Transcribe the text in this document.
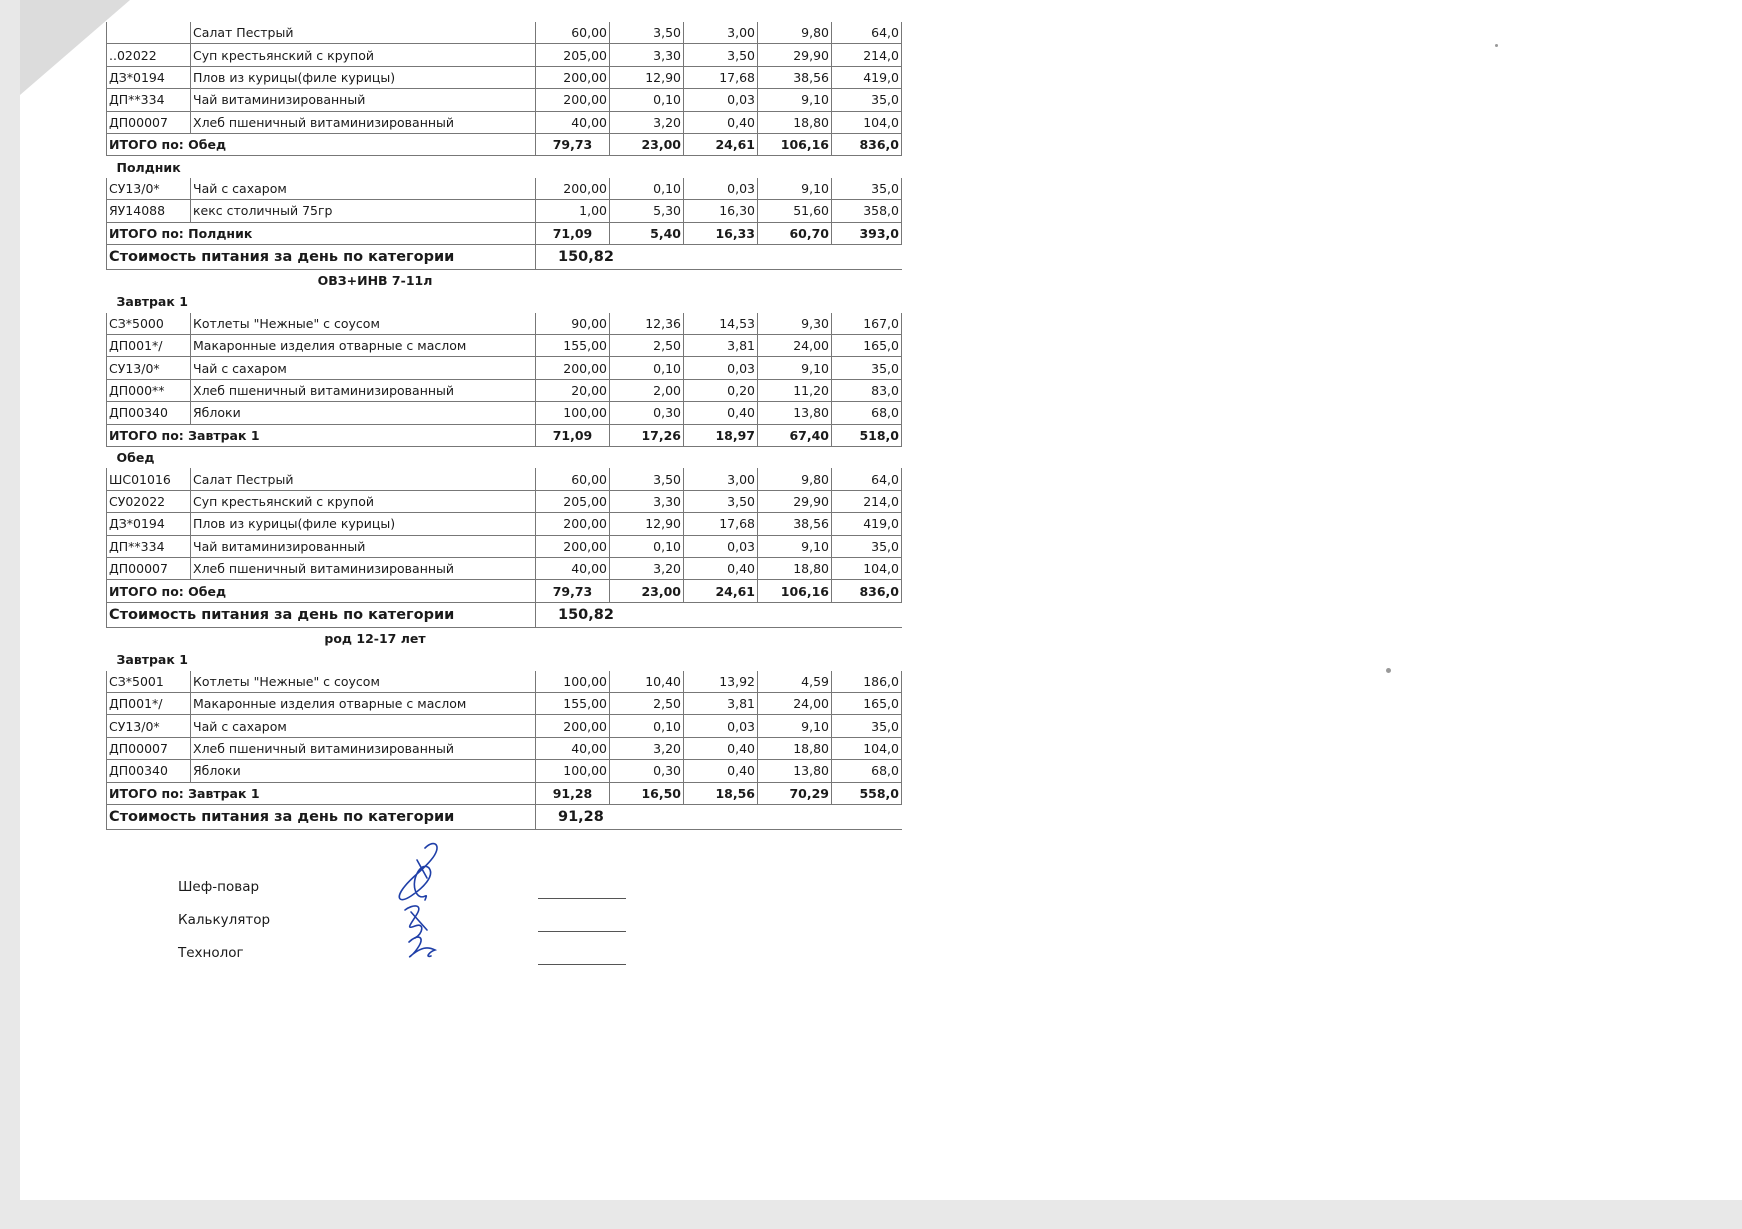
	Салат Пестрый	60,00	3,50	3,00	9,80	64,0
..02022	Суп крестьянский с крупой	205,00	3,30	3,50	29,90	214,0
ДЗ*0194	Плов из курицы(филе курицы)	200,00	12,90	17,68	38,56	419,0
ДП**334	Чай витаминизированный	200,00	0,10	0,03	9,10	35,0
ДП00007	Хлеб пшеничный витаминизированный	40,00	3,20	0,40	18,80	104,0
ИТОГО по: Обед		79,73	23,00	24,61	106,16	836,0
Полдник						
СУ13/0*	Чай с сахаром	200,00	0,10	0,03	9,10	35,0
ЯУ14088	кекс столичный 75гр	1,00	5,30	16,30	51,60	358,0
ИТОГО по: Полдник		71,09	5,40	16,33	60,70	393,0
Стоимость питания за день по категории		150,82				
ОВЗ+ИНВ 7-11л						
Завтрак 1						
СЗ*5000	Котлеты "Нежные" с соусом	90,00	12,36	14,53	9,30	167,0
ДП001*/	Макаронные изделия отварные с маслом	155,00	2,50	3,81	24,00	165,0
СУ13/0*	Чай с сахаром	200,00	0,10	0,03	9,10	35,0
ДП000**	Хлеб пшеничный витаминизированный	20,00	2,00	0,20	11,20	83,0
ДП00340	Яблоки	100,00	0,30	0,40	13,80	68,0
ИТОГО по: Завтрак 1		71,09	17,26	18,97	67,40	518,0
Обед						
ШС01016	Салат Пестрый	60,00	3,50	3,00	9,80	64,0
СУ02022	Суп крестьянский с крупой	205,00	3,30	3,50	29,90	214,0
ДЗ*0194	Плов из курицы(филе курицы)	200,00	12,90	17,68	38,56	419,0
ДП**334	Чай витаминизированный	200,00	0,10	0,03	9,10	35,0
ДП00007	Хлеб пшеничный витаминизированный	40,00	3,20	0,40	18,80	104,0
ИТОГО по: Обед		79,73	23,00	24,61	106,16	836,0
Стоимость питания за день по категории		150,82				
род 12-17 лет						
Завтрак 1						
СЗ*5001	Котлеты "Нежные" с соусом	100,00	10,40	13,92	4,59	186,0
ДП001*/	Макаронные изделия отварные с маслом	155,00	2,50	3,81	24,00	165,0
СУ13/0*	Чай с сахаром	200,00	0,10	0,03	9,10	35,0
ДП00007	Хлеб пшеничный витаминизированный	40,00	3,20	0,40	18,80	104,0
ДП00340	Яблоки	100,00	0,30	0,40	13,80	68,0
ИТОГО по: Завтрак 1		91,28	16,50	18,56	70,29	558,0
Стоимость питания за день по категории		91,28				
Шеф-повар
Калькулятор
Технолог
